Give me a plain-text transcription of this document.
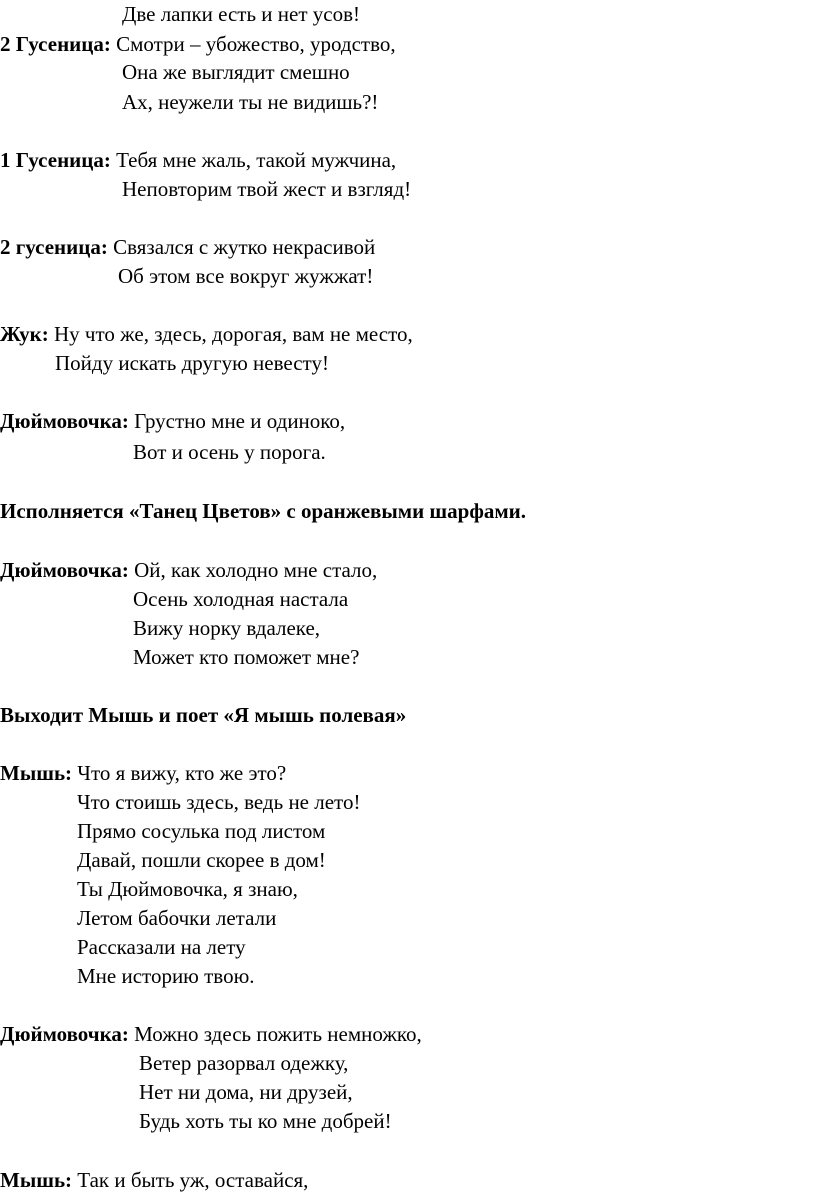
Две лапки есть и нет усов!
2 Гусеница: Смотри – убожество, уродство,
Она же выглядит смешно
Ах, неужели ты не видишь?!
1 Гусеница: Тебя мне жаль, такой мужчина,
Неповторим твой жест и взгляд!
2 гусеница: Связался с жутко некрасивой
Об этом все вокруг жужжат!
Жук: Ну что же, здесь, дорогая, вам не место,
Пойду искать другую невесту!
Дюймовочка: Грустно мне и одиноко,
Вот и осень у порога.
Исполняется «Танец Цветов» с оранжевыми шарфами.
Дюймовочка: Ой, как холодно мне стало,
Осень холодная настала
Вижу норку вдалеке,
Может кто поможет мне?
Выходит Мышь и поет «Я мышь полевая»
Мышь: Что я вижу, кто же это?
Что стоишь здесь, ведь не лето!
Прямо сосулька под листом
Давай, пошли скорее в дом!
Ты Дюймовочка, я знаю,
Летом бабочки летали
Рассказали на лету
Мне историю твою.
Дюймовочка: Можно здесь пожить немножко,
Ветер разорвал одежку,
Нет ни дома, ни друзей,
Будь хоть ты ко мне добрей!
Мышь: Так и быть уж, оставайся,
